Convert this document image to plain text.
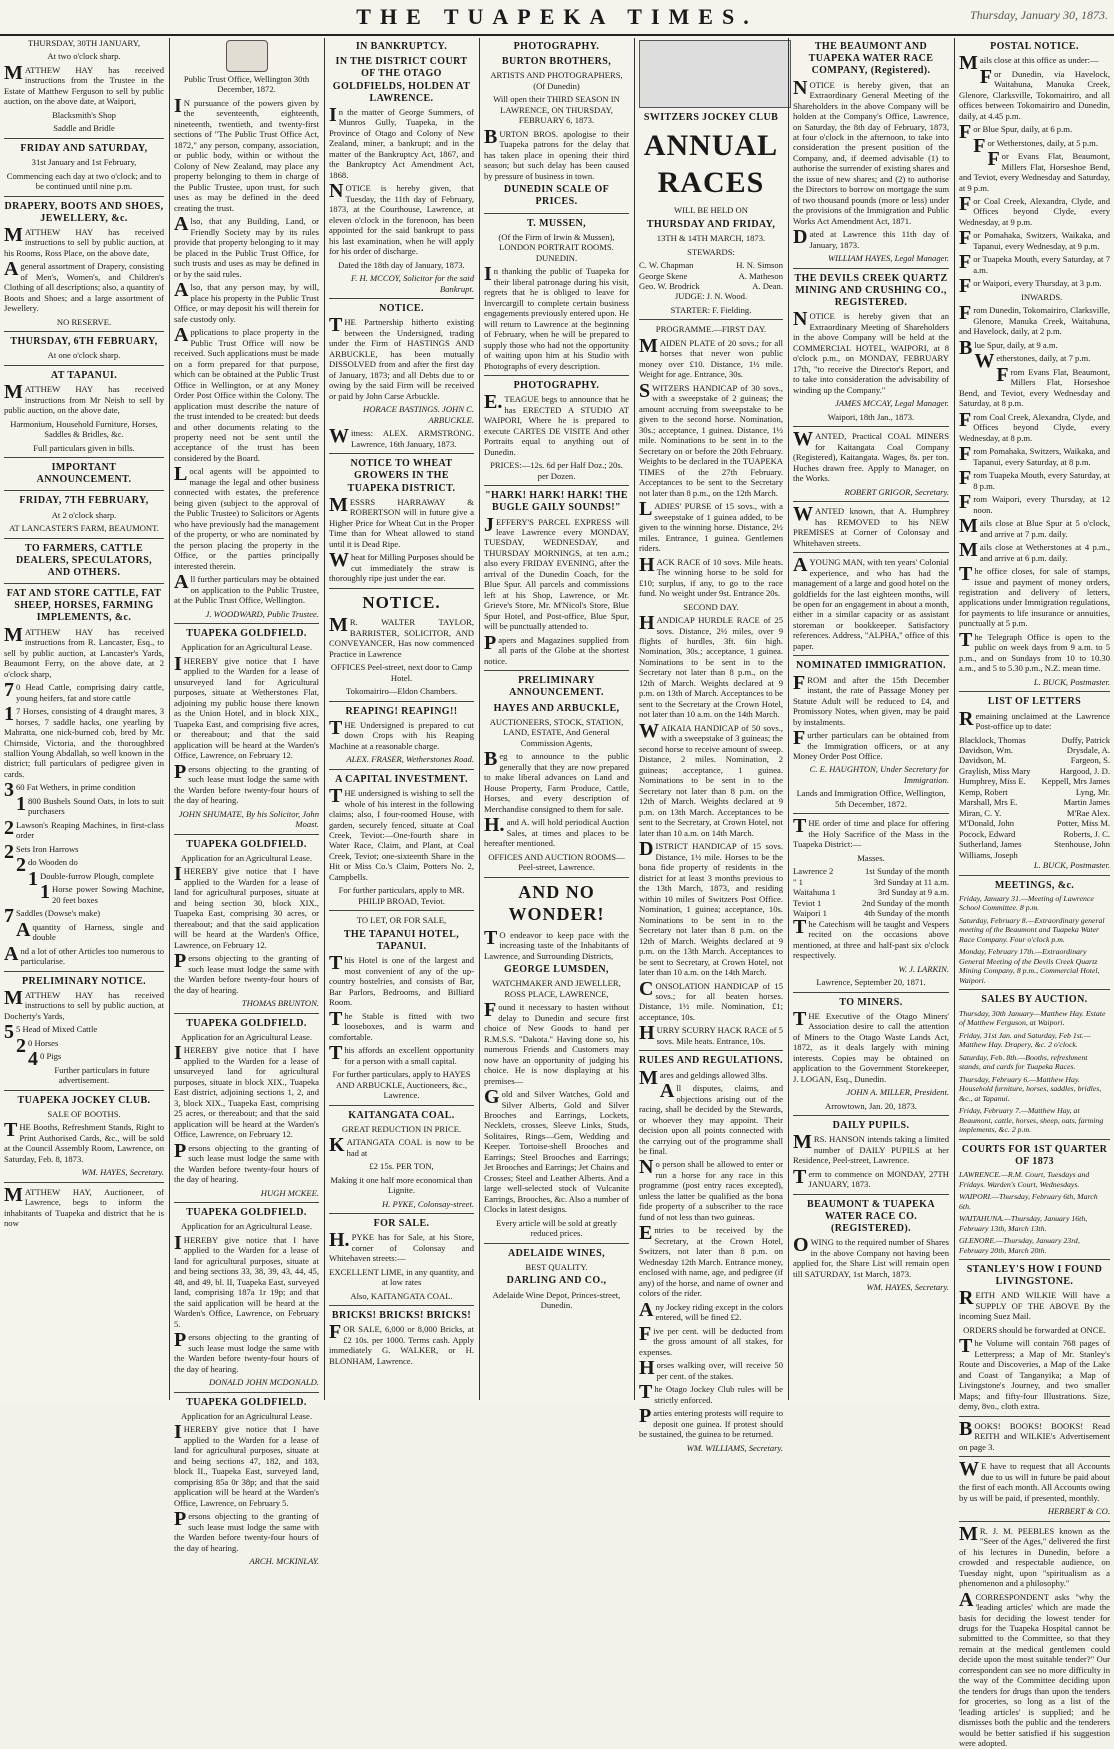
THE TUAPEKA TIMES.	Thursday, January 30, 1873.
THURSDAY, 30TH JANUARY,
At two o'clock sharp.
MATTHEW HAY has received instructions from the Trustee in the Estate of Matthew Ferguson to sell by public auction, on the above date, at Waipori,
Blacksmith's Shop
Saddle and Bridle
FRIDAY AND SATURDAY,
31st January and 1st February,
Commencing each day at two o'clock; and to be continued until nine p.m.
DRAPERY, BOOTS AND SHOES, JEWELLERY, &c.
MATTHEW HAY has received instructions to sell by public auction, at his Rooms, Ross Place, on the above date,
Ageneral assortment of Drapery, consisting of Men's, Women's, and Children's Clothing of all descriptions; also, a quantity of Boots and Shoes; and a large assortment of Jewellery.
NO RESERVE.
THURSDAY, 6TH FEBRUARY,
At one o'clock sharp.
AT TAPANUI.
MATTHEW HAY has received instructions from Mr Neish to sell by public auction, on the above date,
Harmonium, Household Furniture, Horses, Saddles & Bridles, &c.
Full particulars given in bills.
IMPORTANT ANNOUNCEMENT.
FRIDAY, 7TH FEBRUARY,
At 2 o'clock sharp.
AT LANCASTER'S FARM, BEAUMONT.
TO FARMERS, CATTLE DEALERS, SPECULATORS, AND OTHERS.
FAT AND STORE CATTLE, FAT SHEEP, HORSES, FARMING IMPLEMENTS, &c.
MATTHEW HAY has received instructions from R. Lancaster, Esq., to sell by public auction, at Lancaster's Yards, Beaumont Ferry, on the above date, at 2 o'clock sharp,
70 Head Cattle, comprising dairy cattle, young heifers, fat and store cattle
17 Horses, consisting of 4 draught mares, 3 horses, 7 saddle hacks, one yearling by Mahratta, one nick-burned cob, bred by Mr. Chirnside, Victoria, and the thoroughbred stallion Young Abdallah, so well known in the district; full particulars of pedigree given in cards.
360 Fat Wethers, in prime condition
1800 Bushels Sound Oats, in lots to suit purchasers
2Lawson's Reaping Machines, in first-class order
2Sets Iron Harrows
2do Wooden do
1Double-furrow Plough, complete
1Horse power Sowing Machine, 20 feet boxes
7Saddles (Dowse's make)
Aquantity of Harness, single and double
And a lot of other Articles too numerous to particularise.
PRELIMINARY NOTICE.
MATTHEW HAY has received instructions to sell by public auction, at Docherty's Yards,
55 Head of Mixed Cattle
20 Horses
40 Pigs
Further particulars in future advertisement.
TUAPEKA JOCKEY CLUB.
SALE OF BOOTHS.
THE Booths, Refreshment Stands, Right to Print Authorised Cards, &c., will be sold at the Council Assembly Room, Lawrence, on Saturday, Feb. 8, 1873.
WM. HAYES, Secretary.
MATTHEW HAY, Auctioneer, of Lawrence, begs to inform the inhabitants of Tuapeka and district that he is now
Public Trust Office, Wellington 30th December, 1872.
IN pursuance of the powers given by the seventeenth, eighteenth, nineteenth, twentieth, and twenty-first sections of "The Public Trust Office Act, 1872," any person, company, association, or public body, within or without the Colony of New Zealand, may place any property belonging to them in charge of the Public Trustee, upon trust, for such uses as may be defined in the deed creating the trust.
Also, that any Building, Land, or Friendly Society may by its rules provide that property belonging to it may be placed in the Public Trust Office, for such trusts and uses as may be defined in or by the said rules.
Also, that any person may, by will, place his property in the Public Trust Office, or may deposit his will therein for safe custody only.
Applications to place property in the Public Trust Office will now be received. Such applications must be made on a form prepared for that purpose, which can be obtained at the Public Trust Office in Wellington, or at any Money Order Post Office within the Colony. The application must describe the nature of the trust intended to be created: but deeds and other documents relating to the property need not be sent until the acceptance of the trust has been considered by the Board.
Local agents will be appointed to manage the legal and other business connected with estates, the preference being given (subject to the approval of the Public Trustee) to Solicitors or Agents who have previously had the management of the property, or who are nominated by the person placing the property in the Office, or the parties principally interested therein.
All further particulars may be obtained on application to the Public Trustee, at the Public Trust Office, Wellington.
J. WOODWARD, Public Trustee.
TUAPEKA GOLDFIELD.
Application for an Agricultural Lease.
IHEREBY give notice that I have applied to the Warden for a lease of unsurveyed land for Agricultural purposes, situate at Wetherstones Flat, adjoining my public house there known as the Union Hotel, and in block XIX., Tuapeka East, and comprising five acres, or thereabout; and that the said application will be heard at the Warden's Office, Lawrence, on February 12.
Persons objecting to the granting of such lease must lodge the same with the Warden before twenty-four hours of the day of hearing.
JOHN SHUMATE, By his Solicitor, John Moast.
TUAPEKA GOLDFIELD.
Application for an Agricultural Lease.
IHEREBY give notice that I have applied to the Warden for a lease of land for agricultural purposes, situate at and being section 30, block XIX., Tuapeka East, comprising 30 acres, or thereabout; and that the said application will be heard at the Warden's Office, Lawrence, on February 12.
Persons objecting to the granting of such lease must lodge the same with the Warden before twenty-four hours of the day of hearing.
THOMAS BRUNTON.
TUAPEKA GOLDFIELD.
Application for an Agricultural Lease.
IHEREBY give notice that I have applied to the Warden for a lease of unsurveyed land for agricultural purposes, situate in block XIX., Tuapeka East district, adjoining sections 1, 2, and 3, block XIX., Tuapeka East, comprising 25 acres, or thereabout; and that the said application will be heard at the Warden's Office, Lawrence, on February 12.
Persons objecting to the granting of such lease must lodge the same with the Warden before twenty-four hours of the day of hearing.
HUGH MCKEE.
TUAPEKA GOLDFIELD.
Application for an Agricultural Lease.
IHEREBY give notice that I have applied to the Warden for a lease of land for agricultural purposes, situate at and being sections 33, 38, 39, 43, 44, 45, 48, and 49, bl. II, Tuapeka East, surveyed land, comprising 187a 1r 19p; and that the said application will be heard at the Warden's Office, Lawrence, on February 5.
Persons objecting to the granting of such lease must lodge the same with the Warden before twenty-four hours of the day of hearing.
DONALD JOHN MCDONALD.
TUAPEKA GOLDFIELD.
Application for an Agricultural Lease.
IHEREBY give notice that I have applied to the Warden for a lease of land for agricultural purposes, situate at and being sections 47, 182, and 183, block II., Tuapeka East, surveyed land, comprising 85a 0r 38p; and that the said application will be heard at the Warden's Office, Lawrence, on February 5.
Persons objecting to the granting of such lease must lodge the same with the Warden before twenty-four hours of the day of hearing.
ARCH. MCKINLAY.
IN BANKRUPTCY.
IN THE DISTRICT COURT OF THE OTAGO GOLDFIELDS, HOLDEN AT LAWRENCE.
In the matter of George Summers, of Munros Gully, Tuapeka, in the Province of Otago and Colony of New Zealand, miner, a bankrupt; and in the matter of the Bankruptcy Act, 1867, and the Bankruptcy Act Amendment Act, 1868.
NOTICE is hereby given, that Tuesday, the 11th day of February, 1873, at the Courthouse, Lawrence, at eleven o'clock in the forenoon, has been appointed for the said bankrupt to pass his last examination, when he will apply for his order of discharge.
Dated the 18th day of January, 1873.
F. H. MCCOY, Solicitor for the said Bankrupt.
NOTICE.
THE Partnership hitherto existing between the Undersigned, trading under the Firm of HASTINGS AND ARBUCKLE, has been mutually DISSOLVED from and after the first day of January, 1873; and all Debts due to or owing by the said Firm will be received or paid by John Carse Arbuckle.
HORACE BASTINGS. JOHN C. ARBUCKLE.
Witness: ALEX. ARMSTRONG. Lawrence, 16th January, 1873.
NOTICE TO WHEAT GROWERS IN THE TUAPEKA DISTRICT.
MESSRS HARRAWAY & ROBERTSON will in future give a Higher Price for Wheat Cut in the Proper Time than for Wheat allowed to stand until it is Dead Ripe.
Wheat for Milling Purposes should be cut immediately the straw is thoroughly ripe just under the ear.
NOTICE.
MR. WALTER TAYLOR, BARRISTER, SOLICITOR, AND CONVEYANCER, Has now commenced Practice in Lawrence
OFFICES Peel-street, next door to Camp Hotel.
Tokomairiro—Eldon Chambers.
REAPING! REAPING!!
THE Undersigned is prepared to cut down Crops with his Reaping Machine at a reasonable charge.
ALEX. FRASER, Wetherstones Road.
A CAPITAL INVESTMENT.
THE undersigned is wishing to sell the whole of his interest in the following claims; also, I four-roomed House, with garden, securely fenced, situate at Coal Creek, Teviot:—One-fourth share in Water Race, Claim, and Plant, at Coal Creek, Teviot; one-sixteenth Share in the Hit or Miss Co.'s Claim, Potters No. 2, Campbells.
For further particulars, apply to MR. PHILIP BROAD, Teviot.
TO LET, OR FOR SALE,
THE TAPANUI HOTEL, TAPANUI.
This Hotel is one of the largest and most convenient of any of the up-country hostelries, and consists of Bar, Bar Parlors, Bedrooms, and Billiard Room.
The Stable is fitted with two looseboxes, and is warm and comfortable.
This affords an excellent opportunity for a person with a small capital.
For further particulars, apply to HAYES AND ARBUCKLE, Auctioneers, &c., Lawrence.
KAITANGATA COAL.
GREAT REDUCTION IN PRICE.
KAITANGATA COAL is now to be had at
£2 15s. PER TON,
Making it one half more economical than Lignite.
H. PYKE, Colonsay-street.
FOR SALE.
H.PYKE has for Sale, at his Store, corner of Colonsay and Whitehaven streets:—
EXCELLENT LIME, in any quantity, and at low rates
Also, KAITANGATA COAL.
BRICKS! BRICKS! BRICKS!
FOR SALE, 6,000 or 8,000 Bricks, at £2 10s. per 1000. Terms cash. Apply immediately G. WALKER, or H. BLONHAM, Lawrence.
PHOTOGRAPHY.
BURTON BROTHERS,
ARTISTS AND PHOTOGRAPHERS, (Of Dunedin)
Will open their THIRD SEASON IN LAWRENCE, ON THURSDAY, FEBRUARY 6, 1873.
BURTON BROS. apologise to their Tuapeka patrons for the delay that has taken place in opening their third season; but such delay has been caused by pressure of business in town.
DUNEDIN SCALE OF PRICES.
T. MUSSEN,
(Of the Firm of Irwin & Mussen), LONDON PORTRAIT ROOMS. DUNEDIN.
In thanking the public of Tuapeka for their liberal patronage during his visit, regrets that he is obliged to leave for Invercargill to complete certain business engagements previously entered upon. He will return to Lawrence at the beginning of February, when he will be prepared to supply those who had not the opportunity of waiting upon him at his Studio with Photographs of every description.
PHOTOGRAPHY.
E.TEAGUE begs to announce that he has ERECTED A STUDIO AT WAIPORI, Where he is prepared to execute CARTES DE VISITE And other Portraits equal to anything out of Dunedin.
PRICES:—12s. 6d per Half Doz.; 20s. per Dozen.
"HARK! HARK! HARK! THE BUGLE GAILY SOUNDS!"
JEFFERY'S PARCEL EXPRESS will leave Lawrence every MONDAY, TUESDAY, WEDNESDAY, and THURSDAY MORNINGS, at ten a.m.; also every FRIDAY EVENING, after the arrival of the Dunedin Coach, for the Blue Spur. All parcels and commissions left at his Shop, Lawrence, or Mr. Grieve's Store, Mr. M'Nicol's Store, Blue Spur Hotel, and Post-office, Blue Spur, will be punctually attended to.
Papers and Magazines supplied from all parts of the Globe at the shortest notice.
PRELIMINARY ANNOUNCEMENT.
HAYES AND ARBUCKLE,
AUCTIONEERS, STOCK, STATION, LAND, ESTATE, And General Commission Agents,
Beg to announce to the public generally that they are now prepared to make liberal advances on Land and House Property, Farm Produce, Cattle, Horses, and every description of Merchandise consigned to them for sale.
H.and A. will hold periodical Auction Sales, at times and places to be hereafter mentioned.
OFFICES AND AUCTION ROOMS—Peel-street, Lawrence.
AND NO WONDER!
TO endeavor to keep pace with the increasing taste of the Inhabitants of Lawrence, and Surrounding Districts,
GEORGE LUMSDEN,
WATCHMAKER AND JEWELLER, ROSS PLACE, LAWRENCE,
Found it necessary to hasten without delay to Dunedin and secure first choice of New Goods to hand per R.M.S.S. "Dakota." Having done so, his numerous Friends and Customers may now have an opportunity of judging his choice. He is now displaying at his premises—
Gold and Silver Watches, Gold and Silver Alberts, Gold and Silver Brooches and Earrings, Lockets, Necklets, crosses, Sleeve Links, Studs, Solitaires, Rings—Gem, Wedding and Keeper. Tortoise-shell Brooches and Earrings; Steel Brooches and Earrings; Jet Brooches and Earrings; Jet Chains and Crosses; Steel and Leather Alberts. And a large well-selected stock of Vulcanite Earrings, Brooches, &c. Also a number of Clocks in latest designs.
Every article will be sold at greatly reduced prices.
ADELAIDE WINES,
BEST QUALITY.
DARLING AND CO.,
Adelaide Wine Depot, Princes-street, Dunedin.
SWITZERS JOCKEY CLUB
ANNUAL RACES
WILL BE HELD ON
THURSDAY AND FRIDAY,
13TH & 14TH MARCH, 1873.
STEWARDS:
C. W. Chapman	H. N. Simson
George Skene	A. Matheson
Geo. W. Brodrick	A. Dean.
JUDGE: J. N. Wood.
STARTER: F. Fielding.
PROGRAMME.—FIRST DAY.
MAIDEN PLATE of 20 sovs.; for all horses that never won public money over £10. Distance, 1½ mile. Weight for age. Entrance, 30s.
SWITZERS HANDICAP of 30 sovs., with a sweepstake of 2 guineas; the amount accruing from sweepstake to be given to the second horse. Nomination, 30s.; acceptance, 1 guinea. Distance, 1½ mile. Nominations to be sent in to the Secretary on or before the 20th February. Weights to be declared in the TUAPEKA TIMES of the 27th February. Acceptances to be sent to the Secretary not later than 8 p.m., on the 12th March.
LADIES' PURSE of 15 sovs., with a sweepstake of 1 guinea added, to be given to the winning horse. Distance, 2½ miles. Entrance, 1 guinea. Gentlemen riders.
HACK RACE of 10 sovs. Mile heats. The winning horse to be sold for £10; surplus, if any, to go to the race fund. No weight under 9st. Entrance 20s.
SECOND DAY.
HANDICAP HURDLE RACE of 25 sovs. Distance, 2½ miles, over 9 flights of hurdles, 3ft. 6in high. Nomination, 30s.; acceptance, 1 guinea. Nominations to be sent in to the Secretary not later than 8 p.m., on the 12th of March. Weights declared at 9 p.m. on 13th of March. Acceptances to be sent to the Secretary at the Crown Hotel, not later than 10 a.m. on the 14th March.
WAIKAIA HANDICAP of 50 sovs., with a sweepstake of 3 guineas; the second horse to receive amount of sweep. Distance, 2 miles. Nomination, 2 guineas; acceptance, 1 guinea. Nominations to be sent in to the Secretary not later than 8 p.m. on the 12th of March. Weights declared at 9 p.m. on 13th March. Acceptances to be sent to the Secretary, at Crown Hotel, not later than 10 a.m. on 14th March.
DISTRICT HANDICAP of 15 sovs. Distance, 1½ mile. Horses to be the bona fide property of residents in the district for at least 3 months previous to the 13th March, 1873, and residing within 10 miles of Switzers Post Office. Nomination, 1 guinea; acceptance, 10s. Nominations to be sent in to the Secretary not later than 8 p.m. on the 12th of March. Weights declared at 9 p.m. on the 13th March. Acceptances to be sent to Secretary, at Crown Hotel, not later than 10 a.m. on the 14th March.
CONSOLATION HANDICAP of 15 sovs.; for all beaten horses. Distance, 1½ mile. Nomination, £1; acceptance, 10s.
HURRY SCURRY HACK RACE of 5 sovs. Mile heats. Entrance, 10s.
RULES AND REGULATIONS.
Mares and geldings allowed 3lbs.
All disputes, claims, and objections arising out of the racing, shall be decided by the Stewards, or whoever they may appoint. Their decision upon all points connected with the carrying out of the programme shall be final.
No person shall be allowed to enter or run a horse for any race in this programme (post entry races excepted), unless the latter be qualified as the bona fide property of a subscriber to the race fund of not less than two guineas.
Entries to be received by the Secretary, at the Crown Hotel, Switzers, not later than 8 p.m. on Wednesday 12th March. Entrance money, enclosed with name, age, and pedigree (if any) of the horse, and name of owner and colors of the rider.
Any Jockey riding except in the colors entered, will be fined £2.
Five per cent. will be deducted from the gross amount of all stakes, for expenses.
Horses walking over, will receive 50 per cent. of the stakes.
The Otago Jockey Club rules will be strictly enforced.
Parties entering protests will require to deposit one guinea. If protest should be sustained, the guinea to be returned.
WM. WILLIAMS, Secretary.
THE BEAUMONT AND TUAPEKA WATER RACE COMPANY, (Registered).
NOTICE is hereby given, that an Extraordinary General Meeting of the Shareholders in the above Company will be holden at the Company's Office, Lawrence, on Saturday, the 8th day of February, 1873, at four o'clock in the afternoon, to take into consideration the present position of the Company, and, if deemed advisable (1) to authorise the surrender of existing shares and the issue of new shares; and (2) to authorise the Directors to borrow on mortgage the sum of two thousand pounds (more or less) under the provisions of the Immigration and Public Works Act Amendment Act, 1871.
Dated at Lawrence this 11th day of January, 1873.
WILLIAM HAYES, Legal Manager.
THE DEVILS CREEK QUARTZ MINING AND CRUSHING CO., REGISTERED.
NOTICE is hereby given that an Extraordinary Meeting of Shareholders in the above Company will be held at the COMMERCIAL HOTEL, WAIPORI, at 8 o'clock p.m., on MONDAY, FEBRUARY 17th, "to receive the Director's Report, and to take into consideration the advisability of winding up the Company."
JAMES MCCAY, Legal Manager.
Waipori, 18th Jan., 1873.
WANTED, Practical COAL MINERS for Kaitangata Coal Company (Registered), Kaitangata. Wages, 8s. per ton. Huches drawn free. Apply to Manager, on the Works.
ROBERT GRIGOR, Secretary.
WANTED known, that A. Humphrey has REMOVED to his NEW PREMISES at Corner of Colonsay and Whitehaven streets.
AYOUNG MAN, with ten years' Colonial experience, and who has had the management of a large and good hotel on the goldfields for the last eighteen months, will be open for an engagement in about a month, either in a similar capacity or as assistant storeman or bookkeeper. Satisfactory references. Address, "ALPHA," office of this paper.
NOMINATED IMMIGRATION.
FROM and after the 15th December instant, the rate of Passage Money per Statute Adult will be reduced to £4, and Promissory Notes, when given, may be paid by instalments.
Further particulars can be obtained from the Immigration officers, or at any Money Order Post Office.
C. E. HAUGHTON, Under Secretary for Immigration.
Lands and Immigration Office, Wellington, 5th December, 1872.
THE order of time and place for offering the Holy Sacrifice of the Mass in the Tuapeka District:—
Masses.
Lawrence 2	1st Sunday of the month
" 1	3rd Sunday at 11 a.m.
Waitahuna 1	3rd Sunday at 9 a.m.
Teviot 1	2nd Sunday of the month
Waipori 1	4th Sunday of the month
The Catechism will be taught and Vespers recited on the occasions above mentioned, at three and half-past six o'clock respectively.
W. J. LARKIN.
Lawrence, September 20, 1871.
TO MINERS.
THE Executive of the Otago Miners' Association desire to call the attention of Miners to the Otago Waste Lands Act, 1872, as it deals largely with mining interests. Copies may be obtained on application to the Government Storekeeper, J. LOGAN, Esq., Dunedin.
JOHN A. MILLER, President.
Arrowtown, Jan. 20, 1873.
DAILY PUPILS.
MRS. HANSON intends taking a limited number of DAILY PUPILS at her Residence, Peel-street, Lawrence.
Term to commence on MONDAY, 27TH JANUARY, 1873.
BEAUMONT & TUAPEKA WATER RACE CO. (REGISTERED).
OWING to the required number of Shares in the above Company not having been applied for, the Share List will remain open till SATURDAY, 1st March, 1873.
WM. HAYES, Secretary.
POSTAL NOTICE.
Mails close at this office as under:—
For Dunedin, via Havelock, Waitahuna, Manuka Creek, Glenore, Clarksville, Tokomairiro, and all offices between Tokomairiro and Dunedin, daily, at 4.45 p.m.
For Blue Spur, daily, at 6 p.m.
For Wetherstones, daily, at 5 p.m.
For Evans Flat, Beaumont, Millers Flat, Horseshoe Bend, and Teviot, every Wednesday and Saturday, at 9 p.m.
For Coal Creek, Alexandra, Clyde, and Offices beyond Clyde, every Wednesday, at 9 p.m.
For Pomahaka, Switzers, Waikaka, and Tapanui, every Wednesday, at 9 p.m.
For Tuapeka Mouth, every Saturday, at 7 a.m.
For Waipori, every Thursday, at 3 p.m.
INWARDS.
From Dunedin, Tokomairiro, Clarksville, Glenore, Manuka Creek, Waitahuna, and Havelock, daily, at 2 p.m.
Blue Spur, daily, at 9 a.m.
Wetherstones, daily, at 7 p.m.
From Evans Flat, Beaumont, Millers Flat, Horseshoe Bend, and Teviot, every Wednesday and Saturday, at 8 p.m.
From Coal Creek, Alexandra, Clyde, and Offices beyond Clyde, every Wednesday, at 8 p.m.
From Pomahaka, Switzers, Waikaka, and Tapanui, every Saturday, at 8 p.m.
From Tuapeka Mouth, every Saturday, at 8 p.m.
From Waipori, every Thursday, at 12 noon.
Mails close at Blue Spur at 5 o'clock, and arrive at 7 p.m. daily.
Mails close at Wetherstones at 4 p.m., and arrive at 6 p.m. daily.
The office closes, for sale of stamps, issue and payment of money orders, registration and delivery of letters, applications under Immigration regulations, for payments to life insurance or annuities, punctually at 5 p.m.
The Telegraph Office is open to the public on week days from 9 a.m. to 5 p.m., and on Sundays from 10 to 10.30 a.m., and 5 to 5.30 p.m., N.Z. mean time.
L. BUCK, Postmaster.
LIST OF LETTERS
Remaining unclaimed at the Lawrence Post-office up to date:
Blacklock, Thomas	Duffy, Patrick
Davidson, Wm.	Drysdale, A.
Davidson, M.	Fargeon, S.
Graylish, Miss Mary	Hargood, J. D.
Humphrey, Miss E. Keppell, Mrs James
Kemp, Robert	Lyng, Mr.
Marshall, Mrs E.	Martin James
Miran, C. Y.	M'Rae Alex.
M'Donald, John	Potter, Miss M.
Pocock, Edward	Roberts, J. C.
Sutherland, James	Stenhouse, John
Williams, Joseph
L. BUCK, Postmaster.
MEETINGS, &c.
Friday, January 31.—Meeting of Lawrence School Committee. 8 p.m.
Saturday, February 8.—Extraordinary general meeting of the Beaumont and Tuapeka Water Race Company. Four o'clock p.m.
Monday, February 17th.—Extraordinary General Meeting of the Devils Creek Quartz Mining Company, 8 p.m., Commercial Hotel, Waipori.
SALES BY AUCTION.
Thursday, 30th January—Matthew Hay. Estate of Matthew Ferguson, at Waipori.
Friday, 31st Jan. and Saturday, Feb 1st.—Matthew Hay. Drapery, &c. 2 o'clock.
Saturday, Feb. 8th.—Booths, refreshment stands, and cards for Tuapeka Races.
Thursday, February 6.—Matthew Hay. Household furniture, horses, saddles, bridles, &c., at Tapanui.
Friday, February 7.—Matthew Hay, at Beaumont, cattle, horses, sheep, oats, farming implements, &c. 2 p.m.
COURTS FOR 1ST QUARTER OF 1873
LAWRENCE.—R.M. Court, Tuesdays and Fridays. Warden's Court, Wednesdays.
WAIPORI.—Thursday, February 6th, March 6th.
WAITAHUNA.—Thursday, January 16th, February 13th, March 13th.
GLENORE.—Thursday, January 23rd, February 20th, March 20th.
STANLEY'S HOW I FOUND LIVINGSTONE.
REITH AND WILKIE Will have a SUPPLY OF THE ABOVE By the incoming Suez Mail.
ORDERS should be forwarded at ONCE.
The Volume will contain 768 pages of Letterpress; a Map of Mr. Stanley's Route and Discoveries, a Map of the Lake and Coast of Tanganyika; a Map of Livingstone's Journey, and two smaller Maps; and fifty-four Illustrations. Size, demy, 8vo., cloth extra.
BOOKS! BOOKS! BOOKS! Read REITH and WILKIE's Advertisement on page 3.
WE have to request that all Accounts due to us will in future be paid about the first of each month. All Accounts owing by us will be paid, if presented, monthly.
HERBERT & CO.
MR. J. M. PEEBLES known as the "Seer of the Ages," delivered the first of his lectures in Dunedin, before a crowded and respectable audience, on Tuesday night, upon "spiritualism as a phenomenon and a philosophy."
ACORRESPONDENT asks "why the 'leading articles' which are made the basis for deciding the lowest tender for drugs for the Tuapeka Hospital cannot be submitted to the Committee, so that they remain at the medical gentlemen could decide upon the most suitable tender?" Our correspondent can see no more difficulty in the way of the Committee deciding upon the tenders for drugs than upon the tenders for groceries, so long as a list of the 'leading articles' is supplied; and he dismisses both the public and the tenderers would be better satisfied if his suggestion were adopted.
